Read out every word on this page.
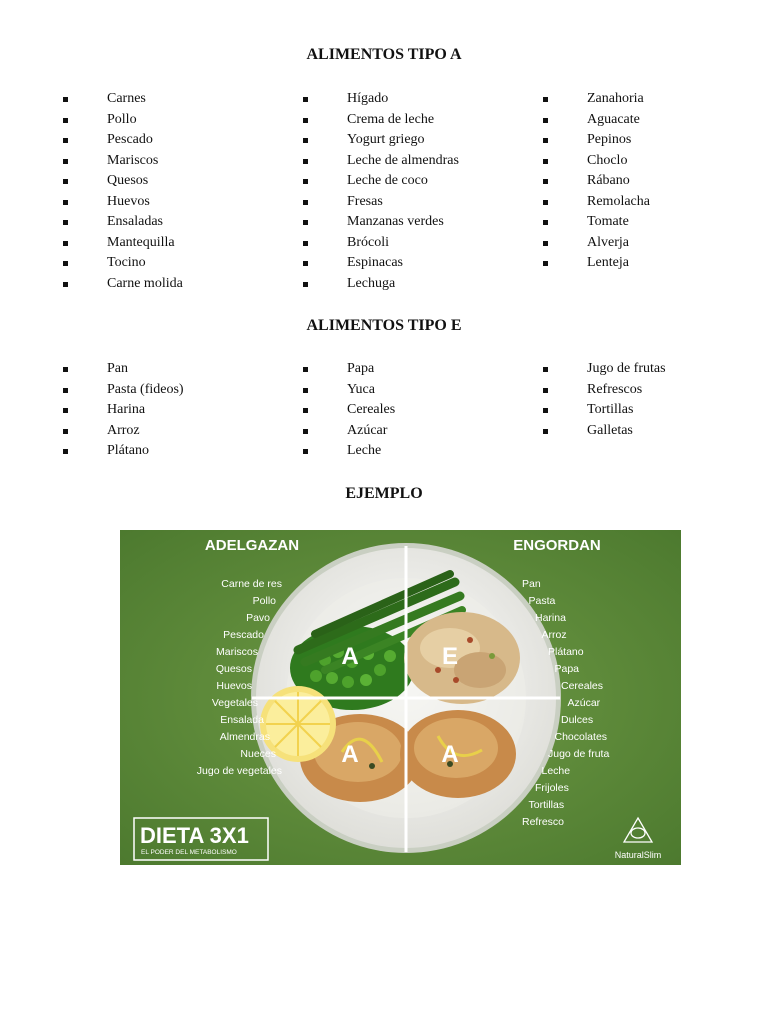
ALIMENTOS TIPO A
Carnes
Pollo
Pescado
Mariscos
Quesos
Huevos
Ensaladas
Mantequilla
Tocino
Carne molida
Hígado
Crema de leche
Yogurt griego
Leche de almendras
Leche de coco
Fresas
Manzanas verdes
Brócoli
Espinacas
Lechuga
Zanahoria
Aguacate
Pepinos
Choclo
Rábano
Remolacha
Tomate
Alverja
Lenteja
ALIMENTOS TIPO E
Pan
Pasta (fideos)
Harina
Arroz
Plátano
Papa
Yuca
Cereales
Azúcar
Leche
Jugo de frutas
Refrescos
Tortillas
Galletas
EJEMPLO
A	E
A	A
ADELGAZAN	ENGORDAN
Carne de res
Pollo
Pavo
Pescado
Mariscos
Quesos
Huevos
Vegetales
Ensalada
Almendras
Nueces
Jugo de vegetales
Pan
Pasta
Harina
Arroz
Plátano
Papa
Cereales
Azúcar
Dulces
Chocolates
Jugo de fruta
Leche
Frijoles
Tortillas
Refresco
DIETA 3X1
EL PODER DEL METABOLISMO	NaturalSlim
